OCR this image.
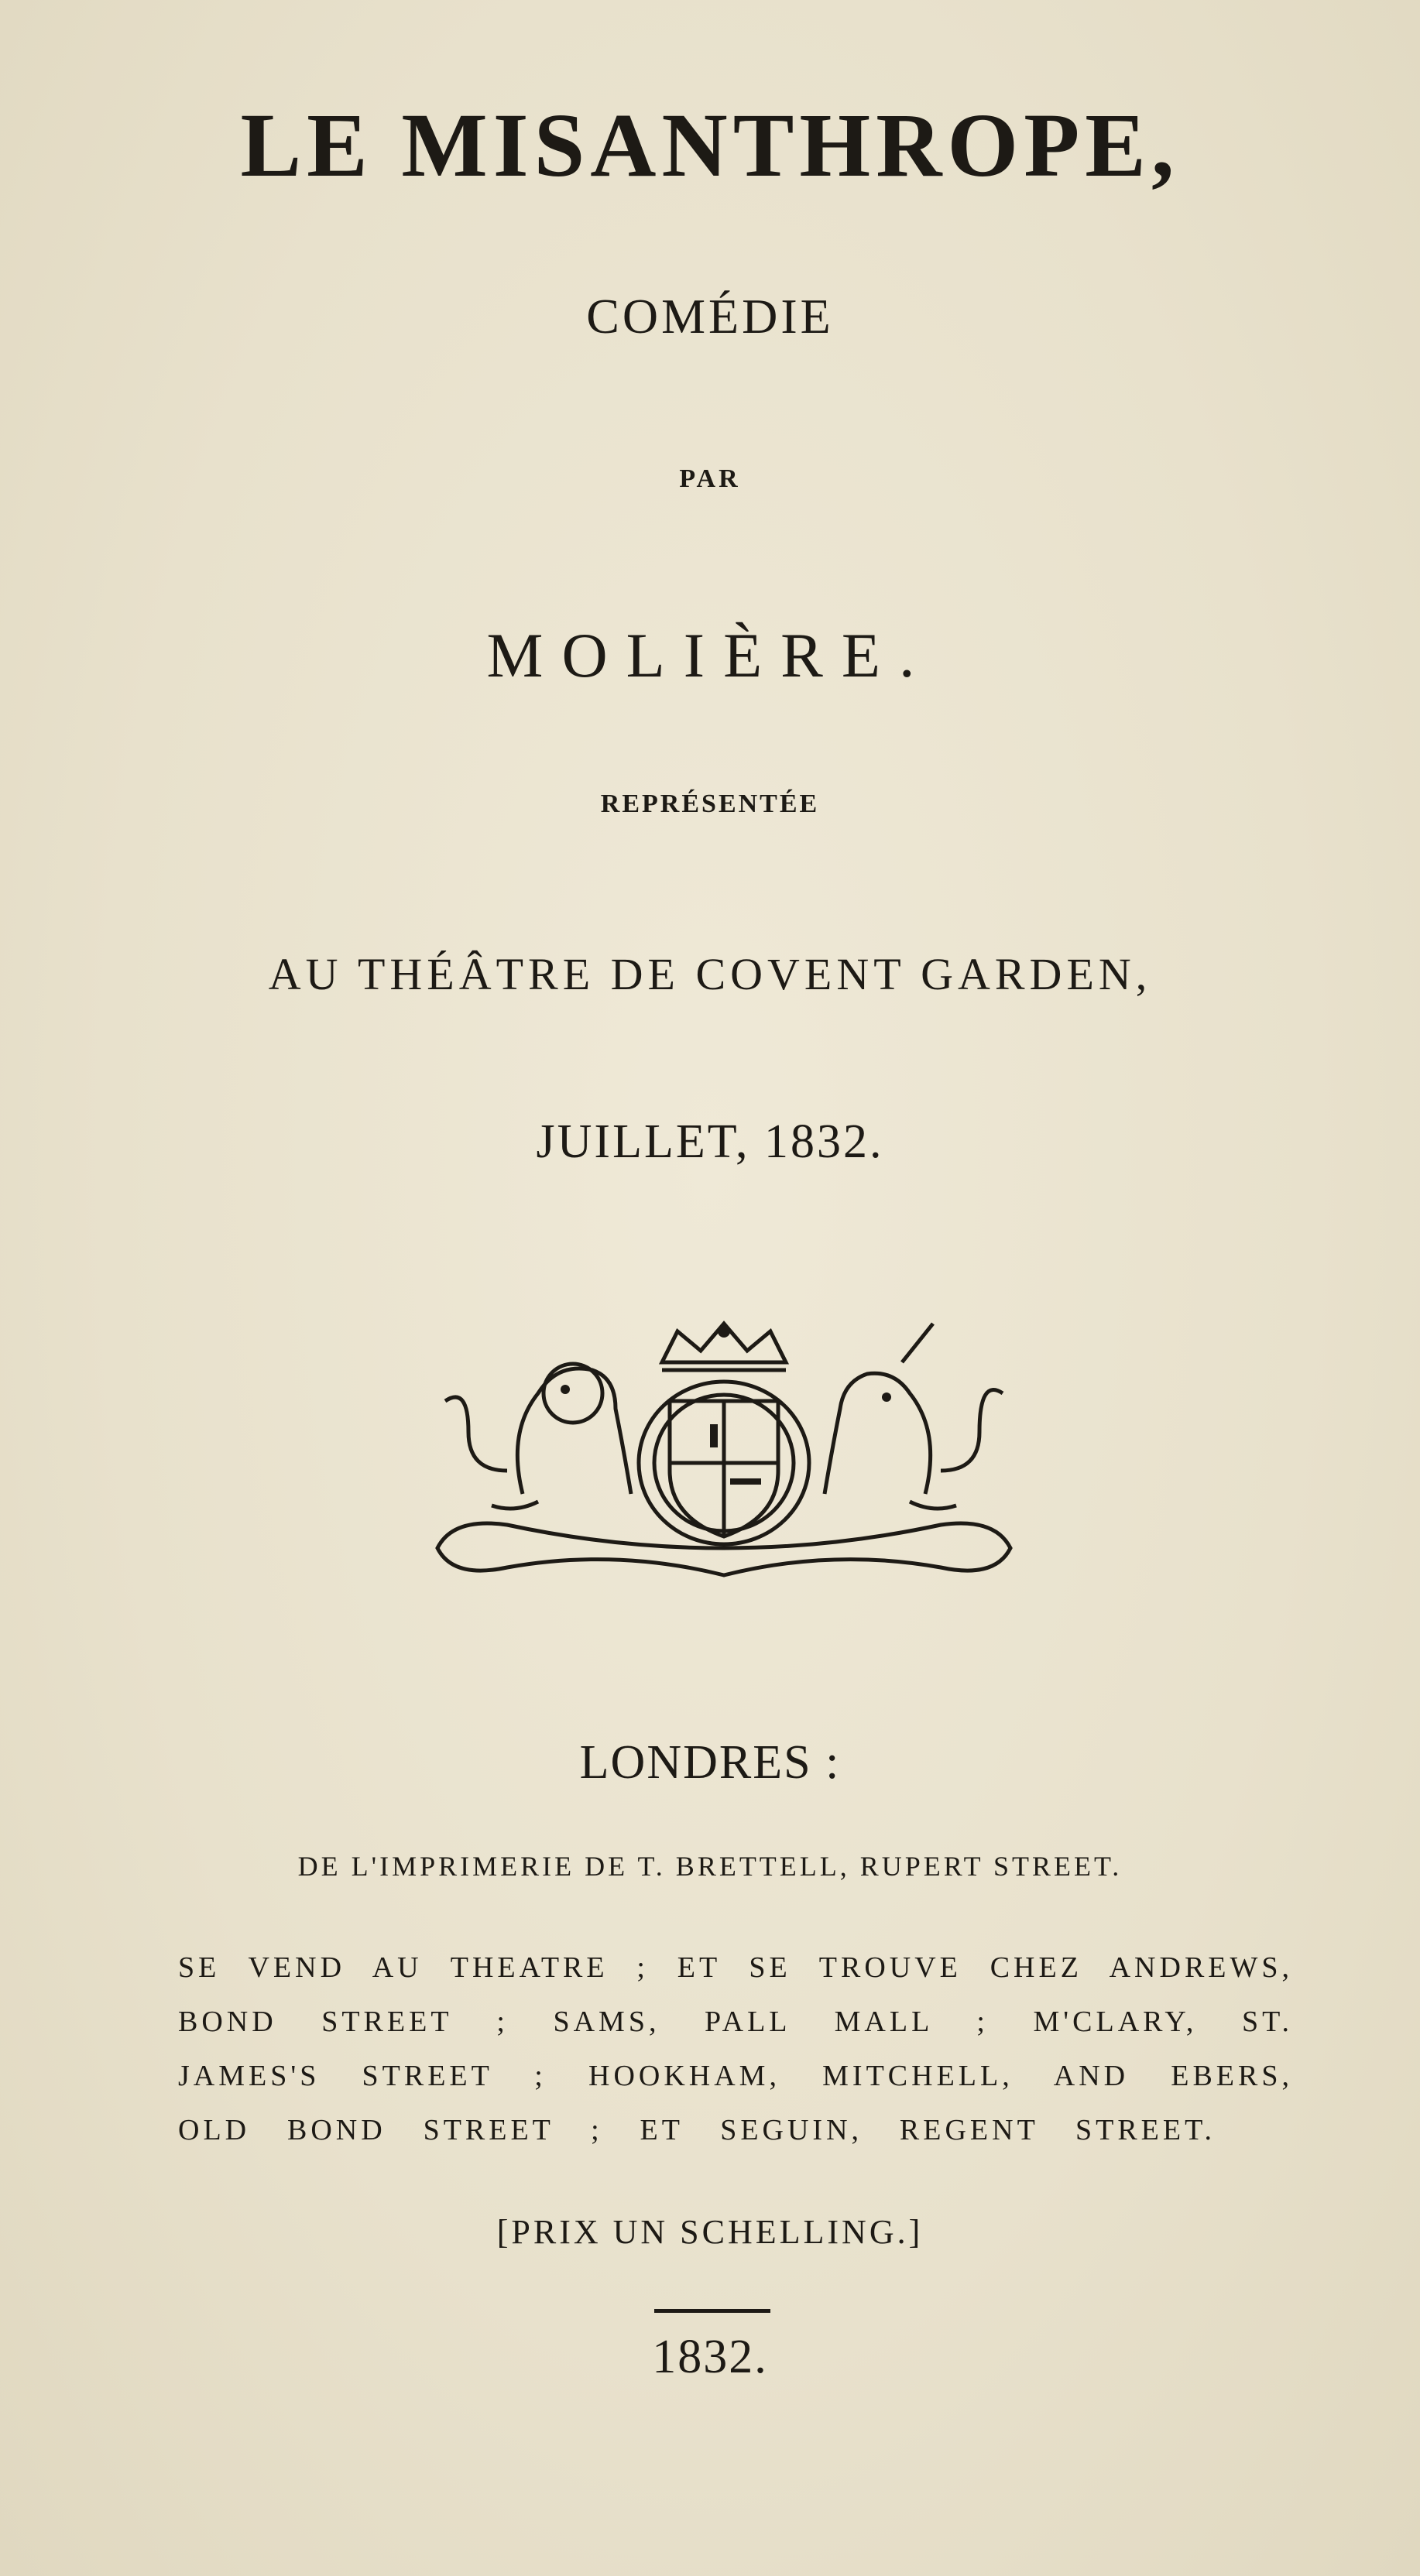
LE MISANTHROPE,
COMÉDIE
PAR
MOLIÈRE.
REPRÉSENTÉE
AU THÉÂTRE DE COVENT GARDEN,
JUILLET, 1832.
LONDRES :
DE L'IMPRIMERIE DE T. BRETTELL, RUPERT STREET.
SE VEND AU THEATRE ; ET SE TROUVE CHEZ ANDREWS,
BOND STREET ; SAMS, PALL MALL ; M'CLARY, ST.
JAMES'S STREET ; HOOKHAM, MITCHELL, AND EBERS,
OLD BOND STREET ; ET SEGUIN, REGENT STREET.
[PRIX UN SCHELLING.]
1832.
